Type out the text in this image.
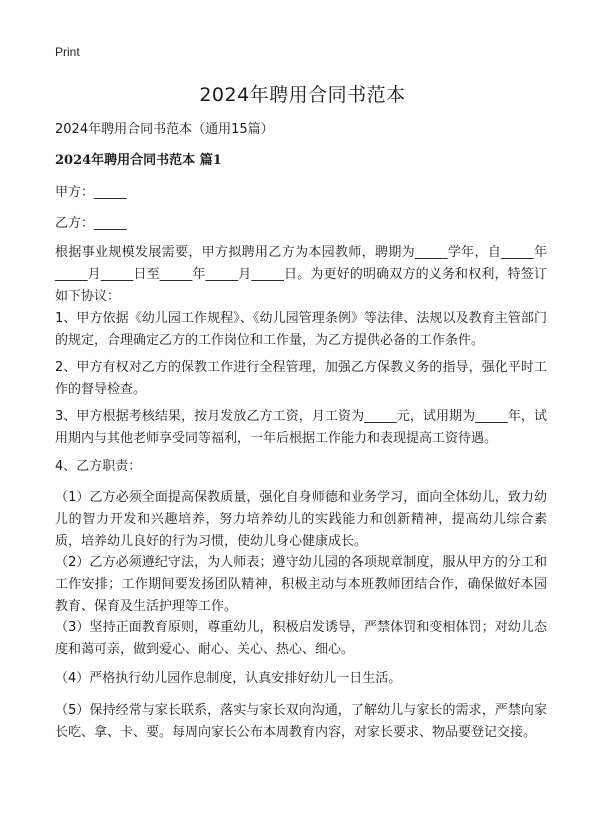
Print
2024年聘用合同书范本

2024年聘用合同书范本（通用15篇）

2024年聘用合同书范本 篇1

甲方：_____

乙方：_____

根据事业规模发展需要，甲方拟聘用乙方为本园教师，聘期为_____学年，自_____年_____月_____日至_____年_____月_____日。为更好的明确双方的义务和权利，特签订如下协议：

1、甲方依据《幼儿园工作规程》、《幼儿园管理条例》等法律、法规以及教育主管部门的规定，合理确定乙方的工作岗位和工作量，为乙方提供必备的工作条件。

2、甲方有权对乙方的保教工作进行全程管理，加强乙方保教义务的指导，强化平时工作的督导检查。

3、甲方根据考核结果，按月发放乙方工资，月工资为_____元，试用期为_____年，试用期内与其他老师享受同等福利，一年后根据工作能力和表现提高工资待遇。

4、乙方职责：

（1）乙方必须全面提高保教质量，强化自身师德和业务学习，面向全体幼儿，致力幼儿的智力开发和兴趣培养，努力培养幼儿的实践能力和创新精神，提高幼儿综合素质，培养幼儿良好的行为习惯，使幼儿身心健康成长。

（2）乙方必须遵纪守法，为人师表；遵守幼儿园的各项规章制度，服从甲方的分工和工作安排；工作期间要发扬团队精神，积极主动与本班教师团结合作，确保做好本园教育、保育及生活护理等工作。

（3）坚持正面教育原则，尊重幼儿，积极启发诱导，严禁体罚和变相体罚；对幼儿态度和蔼可亲，做到爱心、耐心、关心、热心、细心。

（4）严格执行幼儿园作息制度，认真安排好幼儿一日生活。

（5）保持经常与家长联系，落实与家长双向沟通，了解幼儿与家长的需求，严禁向家长吃、拿、卡、要。每周向家长公布本周教育内容，对家长要求、物品要登记交接。
